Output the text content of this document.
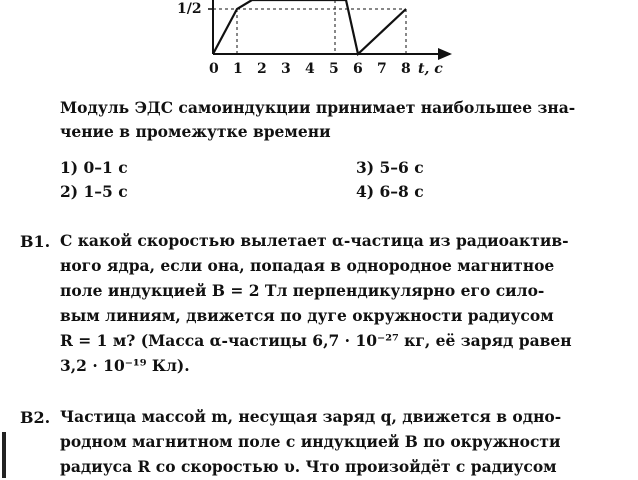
1/2
0 1 2 3 4 5 6 7 8 t, с
Модуль ЭДС самоиндукции принимает наибольшее зна-
чение в промежутке времени
1) 0–1 с
2) 1–5 с
3) 5–6 с
4) 6–8 с
В1. С какой скоростью вылетает α-частица из радиоактив-
ного ядра, если она, попадая в однородное магнитное
поле индукцией B = 2 Тл перпендикулярно его сило-
вым линиям, движется по дуге окружности радиусом
R = 1 м? (Масса α-частицы 6,7 · 10⁻²⁷ кг, её заряд равен
3,2 · 10⁻¹⁹ Кл).
В2. Частица массой m, несущая заряд q, движется в одно-
родном магнитном поле с индукцией B по окружности
радиуса R со скоростью υ. Что произойдёт с радиусом
